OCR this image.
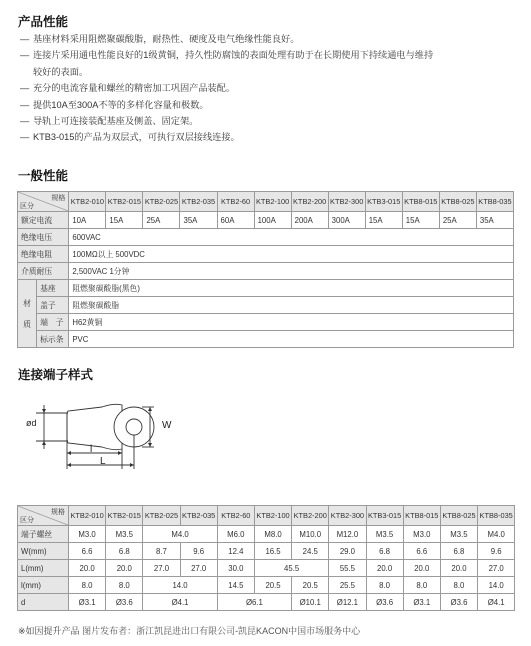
产品性能
— 基座材料采用阻燃聚碳酸脂，耐热性、硬度及电气绝缘性能良好。
— 连接片采用通电性能良好的1级黄铜，持久性防腐蚀的表面处理有助于在长期使用下持续通电与维持
较好的表面。
— 充分的电流容量和螺丝的精密加工巩固产品装配。
— 提供10A至300A不等的多样化容量和极数。
— 导轨上可连接装配基座及侧盖、固定架。
— KTB3-015的产品为双层式，可执行双层接线连接。
一般性能
规格
区分		KTB2-010	KTB2-015	KTB2-025	KTB2-035	KTB2-60	KTB2-100	KTB2-200	KTB2-300	KTB3-015	KTB8-015	KTB8-025	KTB8-035
额定电流		10A	15A	25A	35A	60A	100A	200A	300A	15A	15A	25A	35A
绝缘电压		600VAC											
绝缘电阻		100MΩ以上 500VDC											
介质耐压		2,500VAC 1分钟											

材
质	基座	阻燃聚碳酸脂(黑色)											
	盖子	阻燃聚碳酸脂											
	端　子	H62黄铜											
	标示条	PVC											
连接端子样式
ød	W
l
L
规格
区分	KTB2-010	KTB2-015	KTB2-025	KTB2-035	KTB2-60	KTB2-100	KTB2-200	KTB2-300	KTB3-015	KTB8-015	KTB8-025	KTB8-035
端子螺丝	M3.0	M3.5	M4.0		M6.0	M8.0	M10.0	M12.0	M3.5	M3.0	M3.5	M4.0
W(mm)	6.6	6.8	8.7	9.6	12.4	16.5	24.5	29.0	6.8	6.6	6.8	9.6
L(mm)	20.0	20.0	27.0	27.0	30.0	45.5		55.5	20.0	20.0	20.0	27.0
l(mm)	8.0	8.0	14.0		14.5	20.5	20.5	25.5	8.0	8.0	8.0	14.0
d	Ø3.1	Ø3.6	Ø4.1		Ø6.1		Ø10.1	Ø12.1	Ø3.6	Ø3.1	Ø3.6	Ø4.1
※如因提升产品 图片发布者：浙江凯昆进出口有限公司-凯昆KACON中国市场服务中心
